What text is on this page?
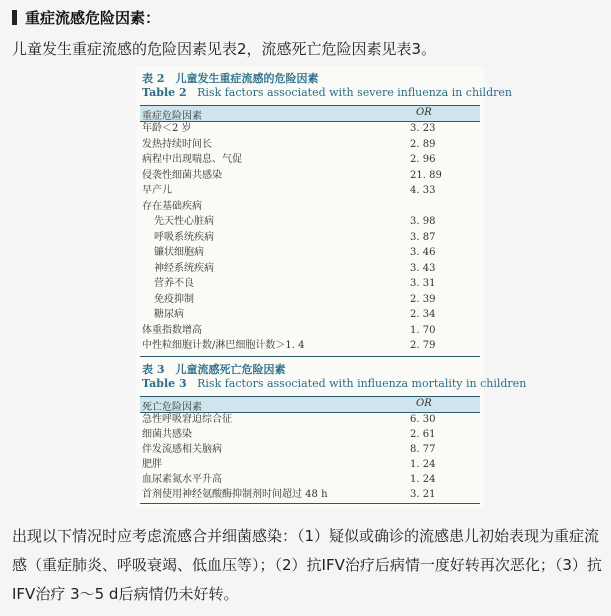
重症流感危险因素：
儿童发生重症流感的危险因素见表2，流感死亡危险因素见表3。
表 2　儿童发生重症流感的危险因素
Table 2 Risk factors associated with severe influenza in children
重症危险因素	OR
年龄＜2 岁	3. 23
发热持续时间长	2. 89
病程中出现喘息、气促	2. 96
侵袭性细菌共感染	21. 89
早产儿	4. 33
存在基础疾病
先天性心脏病	3. 98
呼吸系统疾病	3. 87
镰状细胞病	3. 46
神经系统疾病	3. 43
营养不良	3. 31
免疫抑制	2. 39
糖尿病	2. 34
体重指数增高	1. 70
中性粒细胞计数/淋巴细胞计数＞1. 4	2. 79
表 3　儿童流感死亡危险因素
Table 3 Risk factors associated with influenza mortality in children
死亡危险因素	OR
急性呼吸窘迫综合征	6. 30
细菌共感染	2. 61
伴发流感相关脑病	8. 77
肥胖	1. 24
血尿素氮水平升高	1. 24
首剂使用神经氨酸酶抑制剂时间超过 48 h	3. 21
出现以下情况时应考虑流感合并细菌感染：（1）疑似或确诊的流感患儿初始表现为重症流感（重症肺炎、呼吸衰竭、低血压等）；（2）抗IFV治疗后病情一度好转再次恶化；（3）抗IFV治疗 3～5 d后病情仍未好转。
